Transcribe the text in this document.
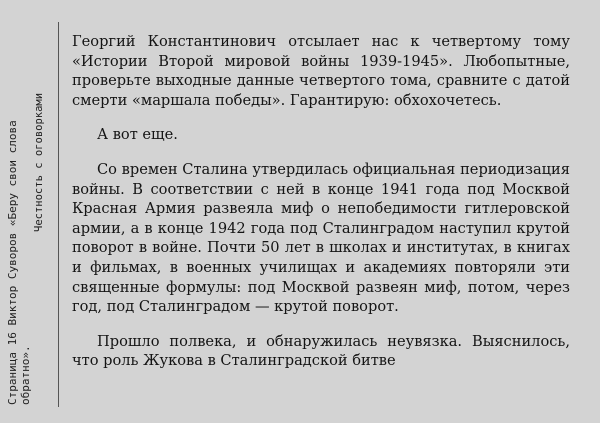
Страница 16 Виктор Суворов «Беру свои слова
обратно».
Честность с оговорками

Георгий Константинович отсылает нас к четвертому тому «Истории Второй мировой войны 1939-1945». Любопытные, проверьте выходные данные четвертого тома, сравните с датой смерти «маршала победы». Гарантирую: обхохочетесь.

А вот еще.

Со времен Сталина утвердилась официальная периодизация войны. В соответствии с ней в конце 1941 года под Москвой Красная Армия развеяла миф о непобедимости гитлеровской армии, а в конце 1942 года под Сталинградом наступил крутой поворот в войне. Почти 50 лет в школах и институтах, в книгах и фильмах, в военных училищах и академиях повторяли эти священные формулы: под Москвой развеян миф, потом, через год, под Сталинградом — крутой поворот.

Прошло полвека, и обнаружилась неувязка. Выяснилось, что роль Жукова в Сталинградской битве
